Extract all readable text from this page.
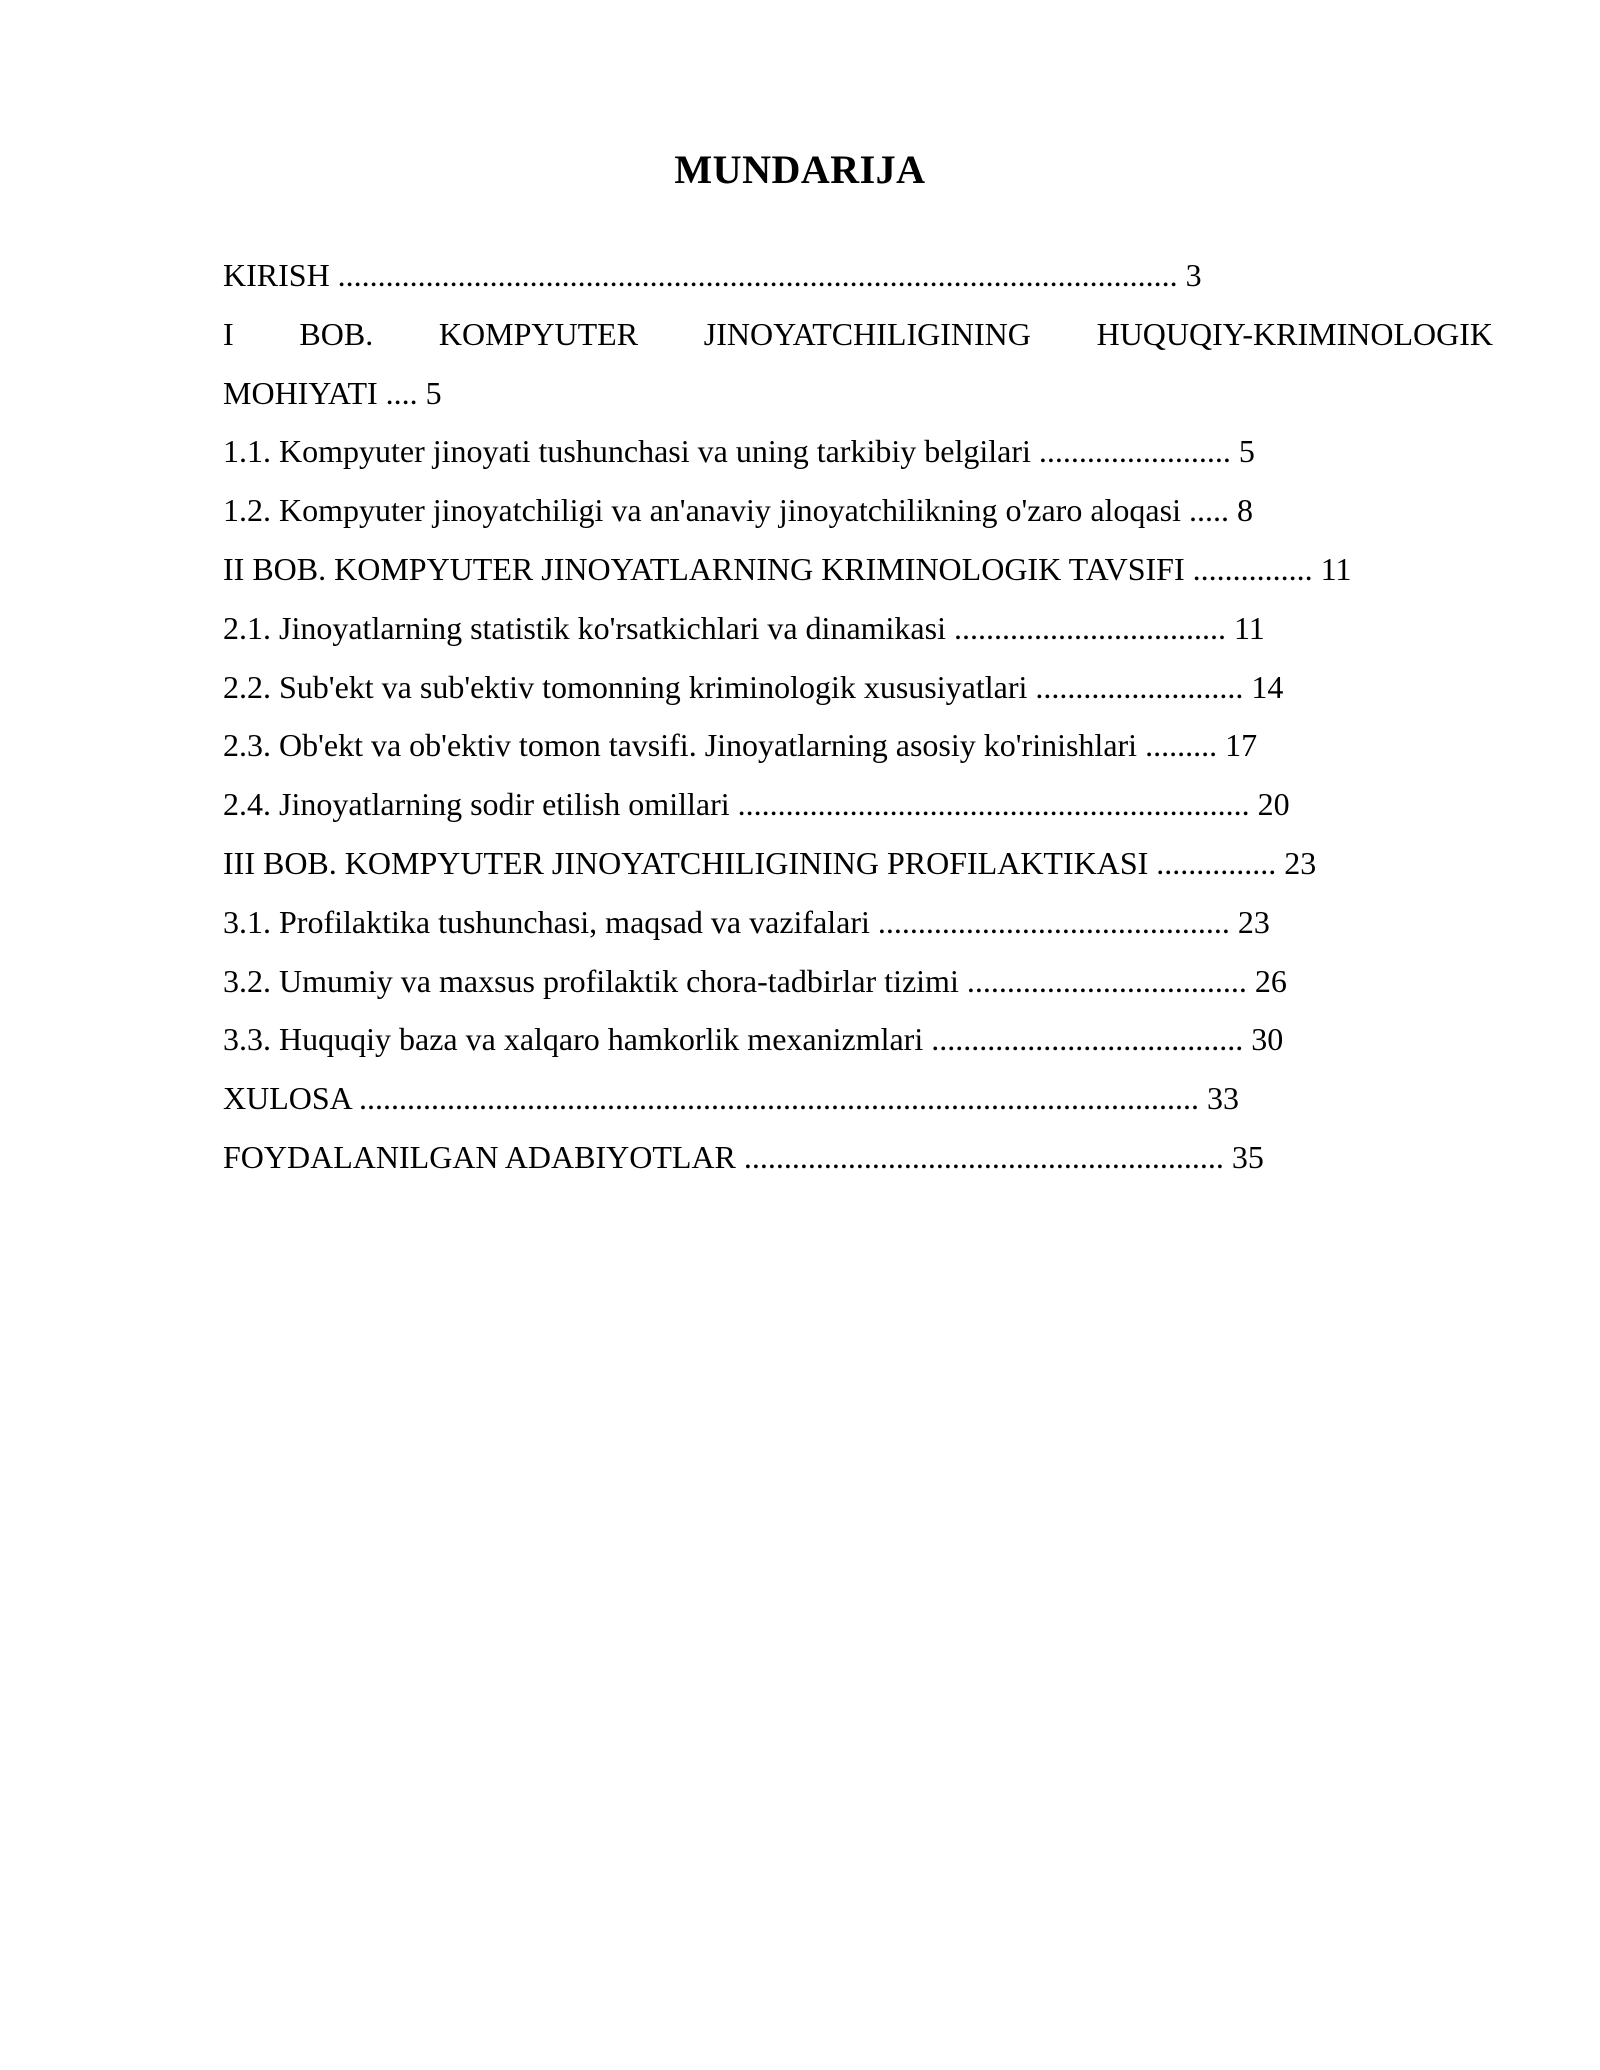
MUNDARIJA
KIRISH ......................................................................................................... 3
I BOB. KOMPYUTER JINOYATCHILIGINING HUQUQIY-KRIMINOLOGIK
MOHIYATI .... 5
1.1. Kompyuter jinoyati tushunchasi va uning tarkibiy belgilari ........................ 5
1.2. Kompyuter jinoyatchiligi va an'anaviy jinoyatchilikning o'zaro aloqasi ..... 8
II BOB. KOMPYUTER JINOYATLARNING KRIMINOLOGIK TAVSIFI ............... 11
2.1. Jinoyatlarning statistik ko'rsatkichlari va dinamikasi .................................. 11
2.2. Sub'ekt va sub'ektiv tomonning kriminologik xususiyatlari .......................... 14
2.3. Ob'ekt va ob'ektiv tomon tavsifi. Jinoyatlarning asosiy ko'rinishlari ......... 17
2.4. Jinoyatlarning sodir etilish omillari ................................................................ 20
III BOB. KOMPYUTER JINOYATCHILIGINING PROFILAKTIKASI ............... 23
3.1. Profilaktika tushunchasi, maqsad va vazifalari ............................................ 23
3.2. Umumiy va maxsus profilaktik chora-tadbirlar tizimi ................................... 26
3.3. Huquqiy baza va xalqaro hamkorlik mexanizmlari ....................................... 30
XULOSA ......................................................................................................... 33
FOYDALANILGAN ADABIYOTLAR ............................................................ 35
